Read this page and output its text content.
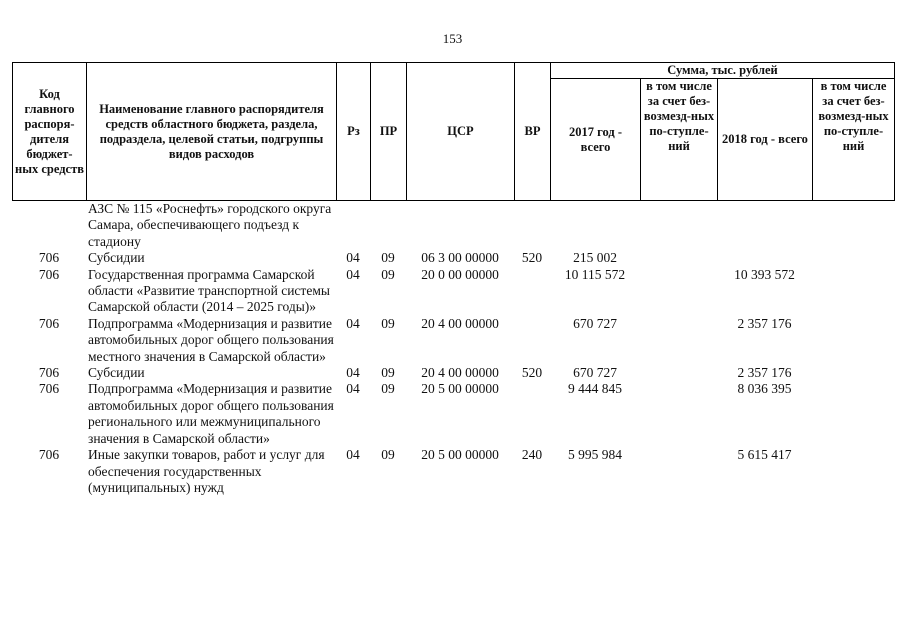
153
Код главного распоря-дителя бюджет-ных средств	Наименование главного распорядителя средств областного бюджета, раздела, подраздела, целевой статьи, подгруппы видов расходов	Рз	ПР	ЦСР	ВР	Сумма, тыс. рублей			
						2017 год - всего	в том числе за счет без-возмезд-ных по-ступле-ний	2018 год - всего	в том числе за счет без-возмезд-ных по-ступле-ний
	АЗС № 115 «Роснефть» городского округа Самара, обеспечивающего подъезд к стадиону								
706	Субсидии	04	09	06 3 00 00000	520	215 002			
706	Государственная программа Самарской области «Развитие транспортной системы Самарской области (2014 – 2025 годы)»	04	09	20 0 00 00000		10 115 572		10 393 572	
706	Подпрограмма «Модернизация и развитие автомобильных дорог общего пользования местного значения в Самарской области»	04	09	20 4 00 00000		670 727		2 357 176	
706	Субсидии	04	09	20 4 00 00000	520	670 727		2 357 176	
706	Подпрограмма «Модернизация и развитие автомобильных дорог общего пользования регионального или межмуниципального значения в Самарской области»	04	09	20 5 00 00000		9 444 845		8 036 395	
706	Иные закупки товаров, работ и услуг для обеспечения государственных (муниципальных) нужд	04	09	20 5 00 00000	240	5 995 984		5 615 417	
